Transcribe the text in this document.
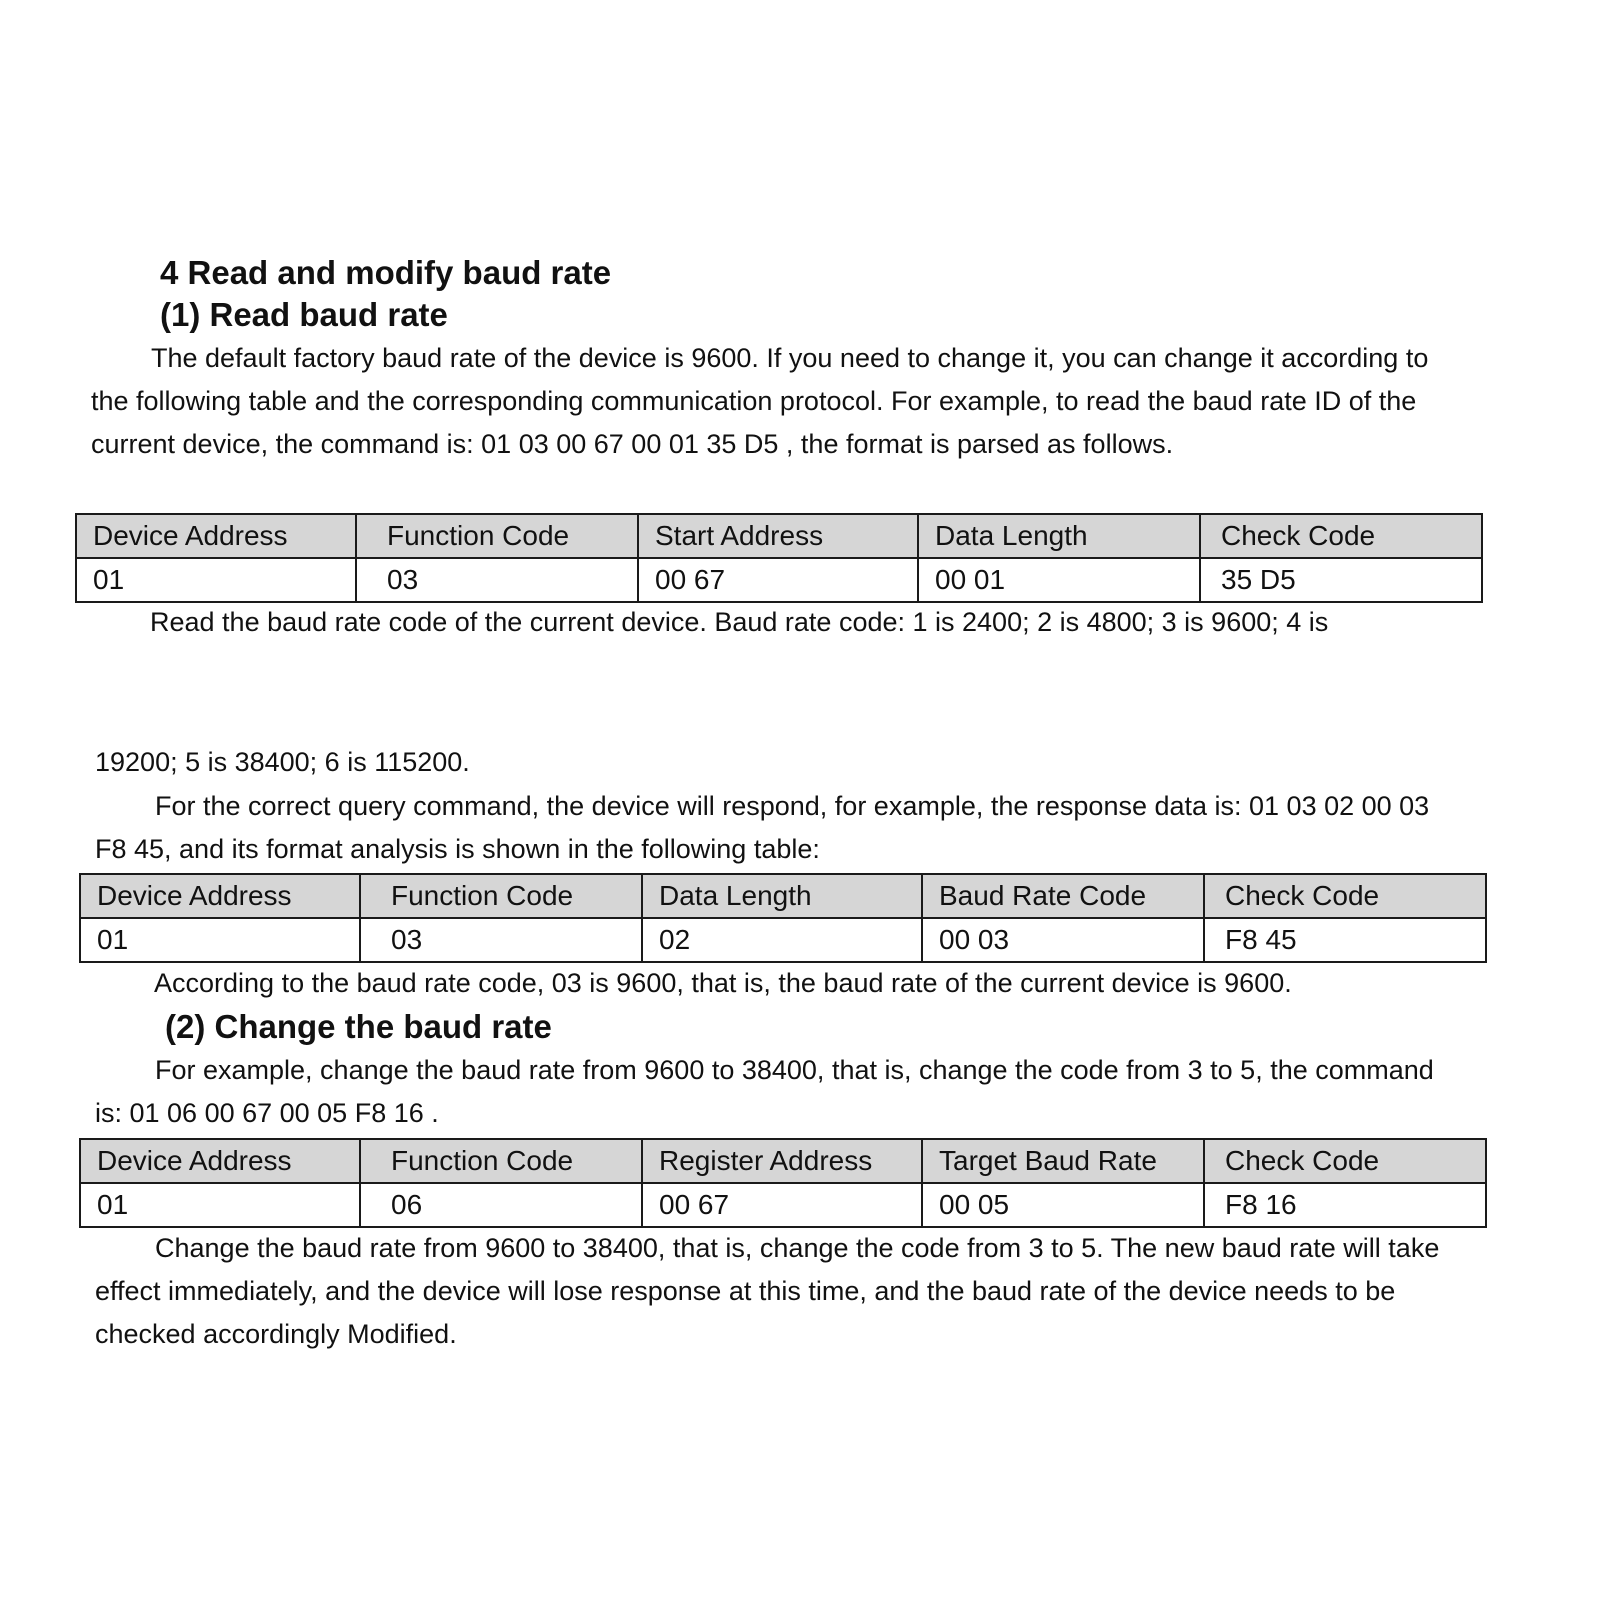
4 Read and modify baud rate
(1) Read baud rate

The default factory baud rate of the device is 9600. If you need to change it, you can change it according to the following table and the corresponding communication protocol. For example, to read the baud rate ID of the current device, the command is: 01 03 00 67 00 01 35 D5 , the format is parsed as follows.

Device Address	Function Code	Start Address	Data Length	Check Code
01	03	00 67	00 01	35 D5
Read the baud rate code of the current device. Baud rate code: 1 is 2400; 2 is 4800; 3 is 9600; 4 is
19200; 5 is 38400; 6 is 115200.

For the correct query command, the device will respond, for example, the response data is: 01 03 02 00 03 F8 45, and its format analysis is shown in the following table:

Device Address	Function Code	Data Length	Baud Rate Code	Check Code
01	03	02	00 03	F8 45
According to the baud rate code, 03 is 9600, that is, the baud rate of the current device is 9600.
(2) Change the baud rate

For example, change the baud rate from 9600 to 38400, that is, change the code from 3 to 5, the command is: 01 06 00 67 00 05 F8 16 .

Device Address	Function Code	Register Address	Target Baud Rate	Check Code
01	06	00 67	00 05	F8 16

Change the baud rate from 9600 to 38400, that is, change the code from 3 to 5. The new baud rate will take effect immediately, and the device will lose response at this time, and the baud rate of the device needs to be checked accordingly Modified.
